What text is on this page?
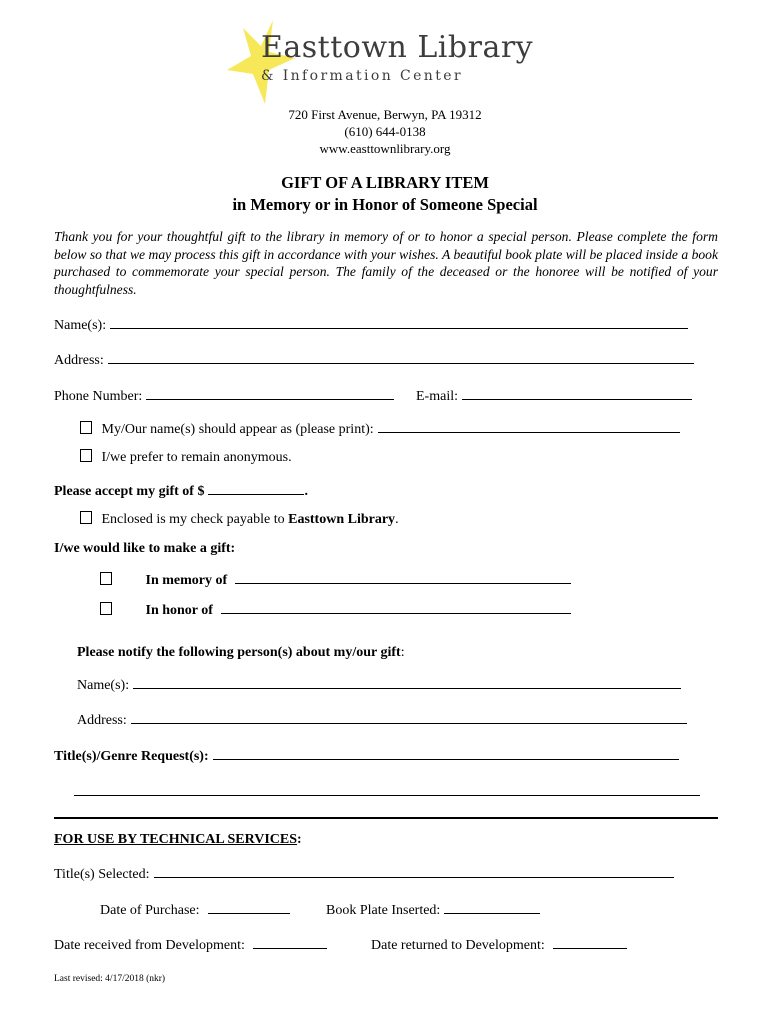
Easttown Library
& Information Center
720 First Avenue, Berwyn, PA 19312
(610) 644-0138
www.easttownlibrary.org
GIFT OF A LIBRARY ITEM
in Memory or in Honor of Someone Special
Thank you for your thoughtful gift to the library in memory of or to honor a special person. Please complete the form below so that we may process this gift in accordance with your wishes. A beautiful book plate will be placed inside a book purchased to commemorate your special person. The family of the deceased or the honoree will be notified of your thoughtfulness.
Name(s):
Address:
Phone Number:	E-mail:
My/Our name(s) should appear as (please print):
I/we prefer to remain anonymous.
Please accept my gift of $	.
Enclosed is my check payable to Easttown Library.
I/we would like to make a gift:
In memory of
In honor of
Please notify the following person(s) about my/our gift:
Name(s):
Address:
Title(s)/Genre Request(s):
FOR USE BY TECHNICAL SERVICES:
Title(s) Selected:
Date of Purchase:	Book Plate Inserted:
Date received from Development:	Date returned to Development:
Last revised: 4/17/2018 (nkr)
